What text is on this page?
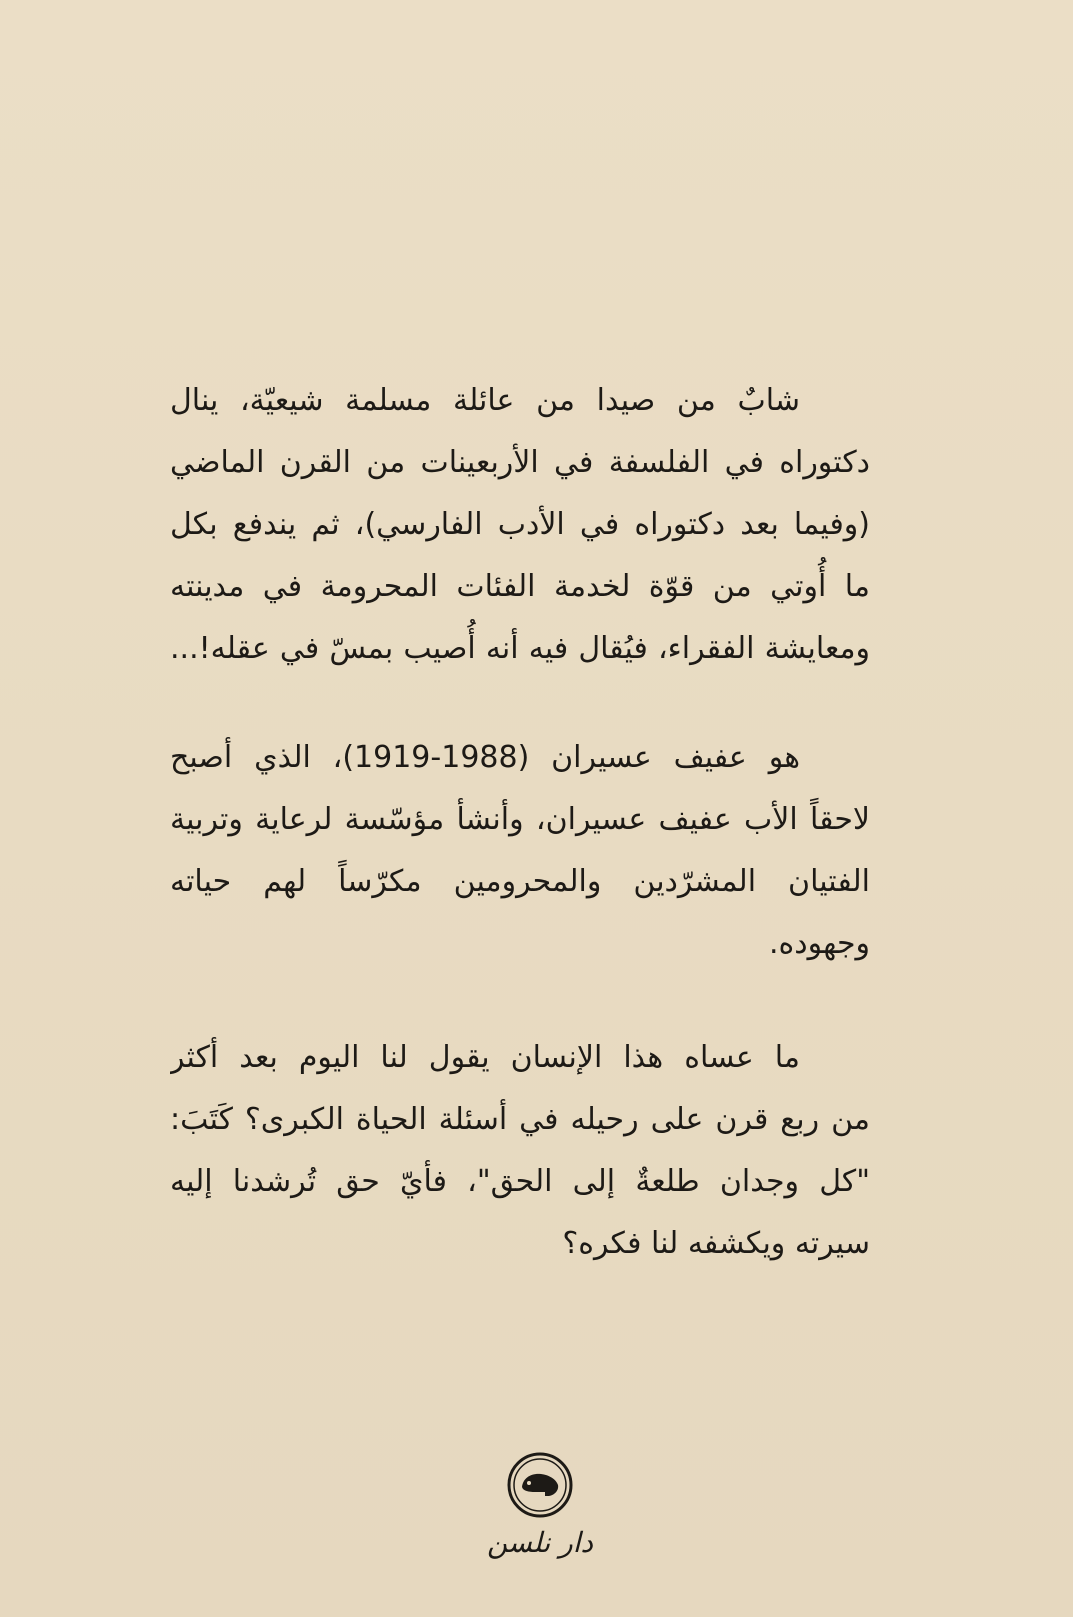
شابٌ من صيدا من عائلة مسلمة شيعيّة، ينال
دكتوراه في الفلسفة في الأربعينات من القرن الماضي
(وفيما بعد دكتوراه في الأدب الفارسي)، ثم يندفع بكل
ما أُوتي من قوّة لخدمة الفئات المحرومة في مدينته
ومعايشة الفقراء، فيُقال فيه أنه أُصيب بمسّ في عقله!...

هو عفيف عسيران (1988-1919)، الذي أصبح
لاحقاً الأب عفيف عسيران، وأنشأ مؤسّسة لرعاية وتربية
الفتيان المشرّدين والمحرومين مكرّساً لهم حياته
وجهوده.

ما عساه هذا الإنسان يقول لنا اليوم بعد أكثر
من ربع قرن على رحيله في أسئلة الحياة الكبرى؟ كَتَبَ:
"كل وجدان طلعةٌ إلى الحق"، فأيّ حق تُرشدنا إليه
سيرته ويكشفه لنا فكره؟

دار نلسن
